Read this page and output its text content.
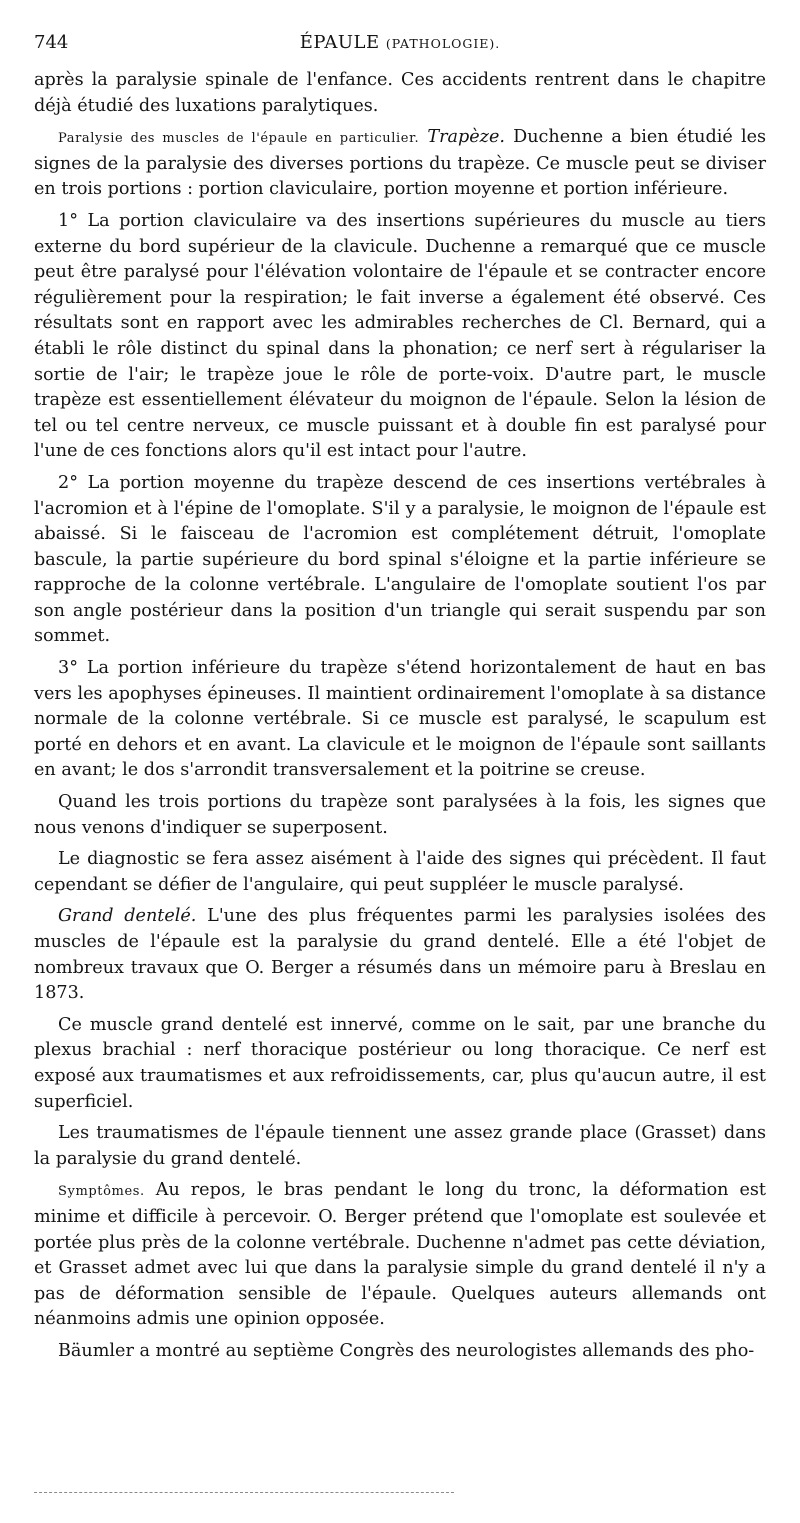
744	ÉPAULE (PATHOLOGIE).

après la paralysie spinale de l'enfance. Ces accidents rentrent dans le chapitre déjà étudié des luxations paralytiques.

Paralysie des muscles de l'épaule en particulier. Trapèze. Duchenne a bien étudié les signes de la paralysie des diverses portions du trapèze. Ce muscle peut se diviser en trois portions : portion claviculaire, portion moyenne et portion inférieure.

1° La portion claviculaire va des insertions supérieures du muscle au tiers externe du bord supérieur de la clavicule. Duchenne a remarqué que ce muscle peut être paralysé pour l'élévation volontaire de l'épaule et se contracter encore régulièrement pour la respiration; le fait inverse a également été observé. Ces résultats sont en rapport avec les admirables recherches de Cl. Bernard, qui a établi le rôle distinct du spinal dans la phonation; ce nerf sert à régulariser la sortie de l'air; le trapèze joue le rôle de porte-voix. D'autre part, le muscle trapèze est essentiellement élévateur du moignon de l'épaule. Selon la lésion de tel ou tel centre nerveux, ce muscle puissant et à double fin est paralysé pour l'une de ces fonctions alors qu'il est intact pour l'autre.

2° La portion moyenne du trapèze descend de ces insertions vertébrales à l'acromion et à l'épine de l'omoplate. S'il y a paralysie, le moignon de l'épaule est abaissé. Si le faisceau de l'acromion est complétement détruit, l'omoplate bascule, la partie supérieure du bord spinal s'éloigne et la partie inférieure se rapproche de la colonne vertébrale. L'angulaire de l'omoplate soutient l'os par son angle postérieur dans la position d'un triangle qui serait suspendu par son sommet.

3° La portion inférieure du trapèze s'étend horizontalement de haut en bas vers les apophyses épineuses. Il maintient ordinairement l'omoplate à sa distance normale de la colonne vertébrale. Si ce muscle est paralysé, le scapulum est porté en dehors et en avant. La clavicule et le moignon de l'épaule sont saillants en avant; le dos s'arrondit transversalement et la poitrine se creuse.

Quand les trois portions du trapèze sont paralysées à la fois, les signes que nous venons d'indiquer se superposent.

Le diagnostic se fera assez aisément à l'aide des signes qui précèdent. Il faut cependant se défier de l'angulaire, qui peut suppléer le muscle paralysé.

Grand dentelé. L'une des plus fréquentes parmi les paralysies isolées des muscles de l'épaule est la paralysie du grand dentelé. Elle a été l'objet de nombreux travaux que O. Berger a résumés dans un mémoire paru à Breslau en 1873.

Ce muscle grand dentelé est innervé, comme on le sait, par une branche du plexus brachial : nerf thoracique postérieur ou long thoracique. Ce nerf est exposé aux traumatismes et aux refroidissements, car, plus qu'aucun autre, il est superficiel.

Les traumatismes de l'épaule tiennent une assez grande place (Grasset) dans la paralysie du grand dentelé.

Symptômes. Au repos, le bras pendant le long du tronc, la déformation est minime et difficile à percevoir. O. Berger prétend que l'omoplate est soulevée et portée plus près de la colonne vertébrale. Duchenne n'admet pas cette déviation, et Grasset admet avec lui que dans la paralysie simple du grand dentelé il n'y a pas de déformation sensible de l'épaule. Quelques auteurs allemands ont néanmoins admis une opinion opposée.

Bäumler a montré au septième Congrès des neurologistes allemands des pho-
